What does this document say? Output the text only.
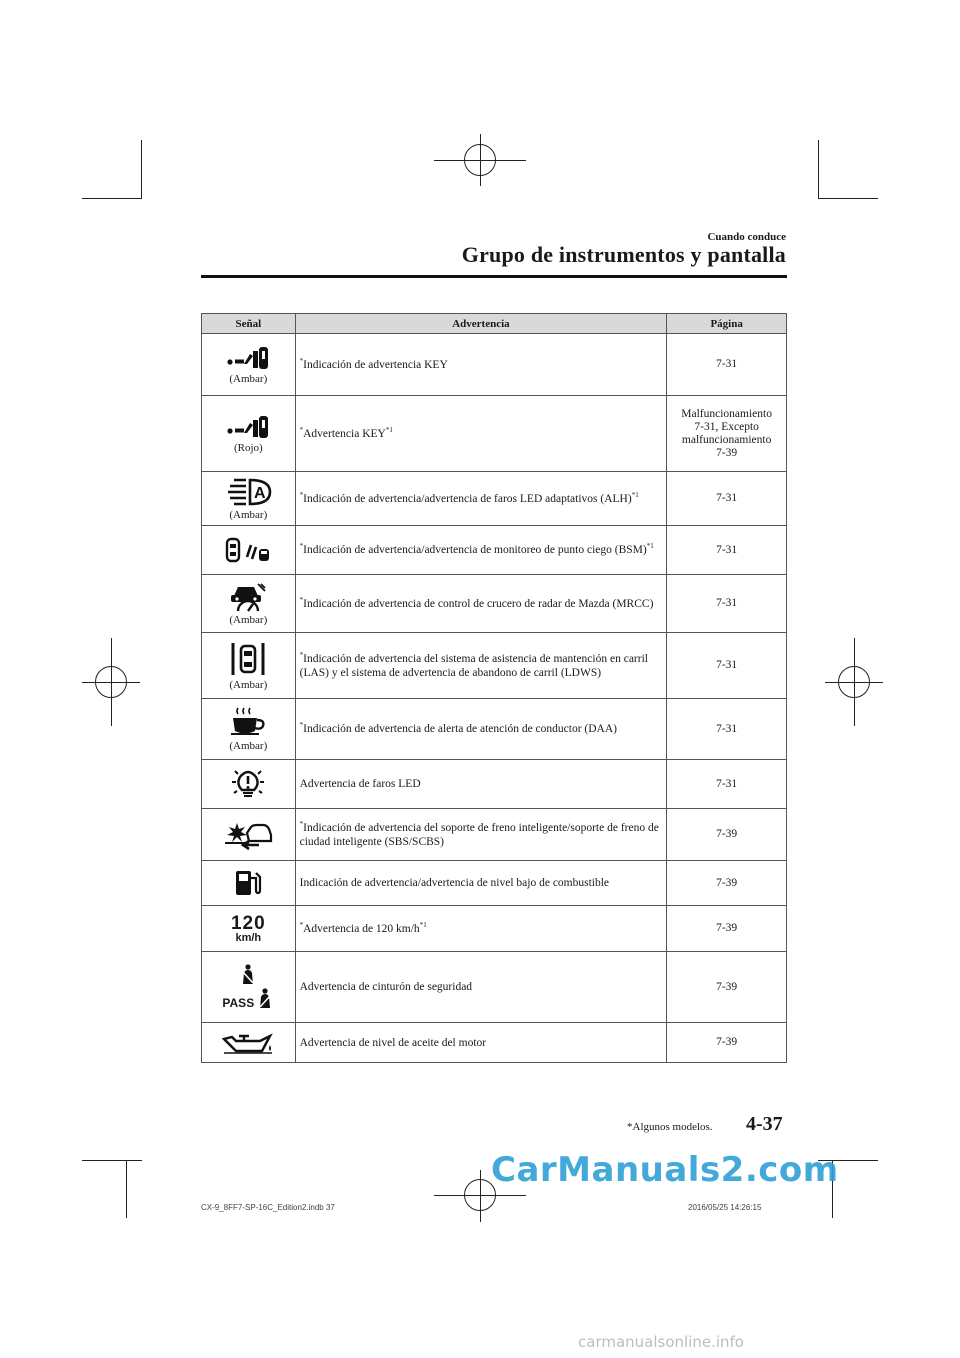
Cuando conduce
Grupo de instrumentos y pantalla
Señal	Advertencia	Página

(Ambar)	*Indicación de advertencia KEY	7-31

(Rojo)	*Advertencia KEY$^{*1}$	Malfuncionamiento 7-31, Excepto malfuncionamiento 7-39

A
(Ambar)	*Indicación de advertencia/advertencia de faros LED adaptativos (ALH)$^{*1}$	7-31

	*Indicación de advertencia/advertencia de monitoreo de punto ciego (BSM)$^{*1}$	7-31

(Ambar)	*Indicación de advertencia de control de crucero de radar de Mazda (MRCC)	7-31

(Ambar)	*Indicación de advertencia del sistema de asistencia de mantención en carril (LAS) y el sistema de advertencia de abandono de carril (LDWS)	7-31

(Ambar)	*Indicación de advertencia de alerta de atención de conductor (DAA)	7-31

	Advertencia de faros LED	7-31

	*Indicación de advertencia del soporte de freno inteligente/soporte de freno de ciudad inteligente (SBS/SCBS)	7-39

	Indicación de advertencia/advertencia de nivel bajo de combustible	7-39

120
km/h	*Advertencia de 120 $km/h^{*1}$	7-39

PASS	Advertencia de cinturón de seguridad	7-39

	Advertencia de nivel de aceite del motor	7-39
*Algunos modelos. 4-37
CarManuals2.com
CX-9_8FF7-SP-16C_Edition2.indb 37	2016/05/25 14:26:15
carmanualsonline.info
